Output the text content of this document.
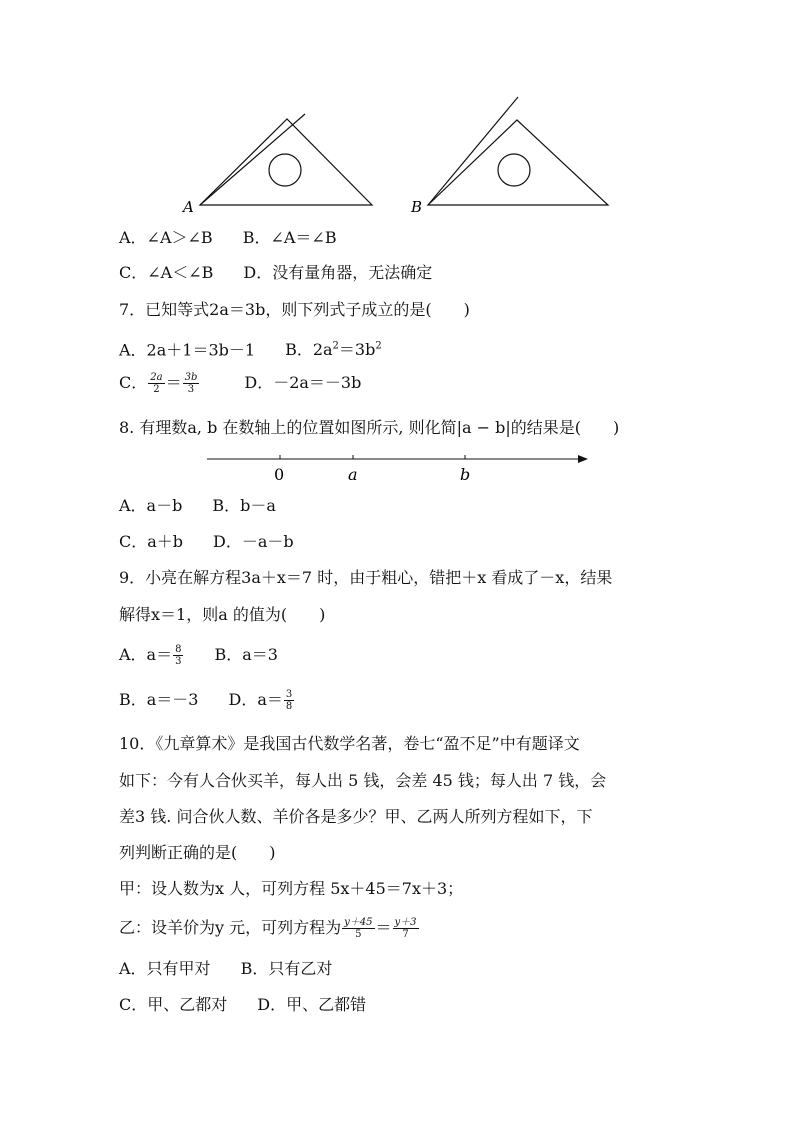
A	B
A．∠A＞∠B B．∠A＝∠B
C．∠A＜∠B D．没有量角器，无法确定
7．已知等式2a＝3b，则下列式子成立的是(　　)
A．2a＋1＝3b－1 B．$2a^2=3b^2$
C． $\frac{2a}{2} = \frac{3b}{3}$	D．－2a＝－3b
8. 有理数a, b 在数轴上的位置如图所示, 则化简|a − b|的结果是(　　)
0	a	b
A．a－b B．b－a
C．a＋b D．－a－b
9．小亮在解方程3a＋x＝7 时，由于粗心，错把＋x 看成了－x，结果
解得x＝1，则a 的值为(　　)
A．$a= \frac{8}{3}$ B．a＝3
B．a＝－3 D．$a= \frac{3}{8}$
10．《九章算术》是我国古代数学名著，卷七“盈不足”中有题译文
如下：今有人合伙买羊，每人出 5 钱，会差 45 钱；每人出 7 钱，会
差3 钱. 问合伙人数、羊价各是多少？甲、乙两人所列方程如下，下
列判断正确的是(　　)
甲：设人数为x 人，可列方程 5x＋45＝7x＋3；
乙：设羊价为y 元，可列方程为 $\frac{y+45}{5} = \frac{y+3}{7}$
A．只有甲对 B．只有乙对
C．甲、乙都对 D．甲、乙都错
